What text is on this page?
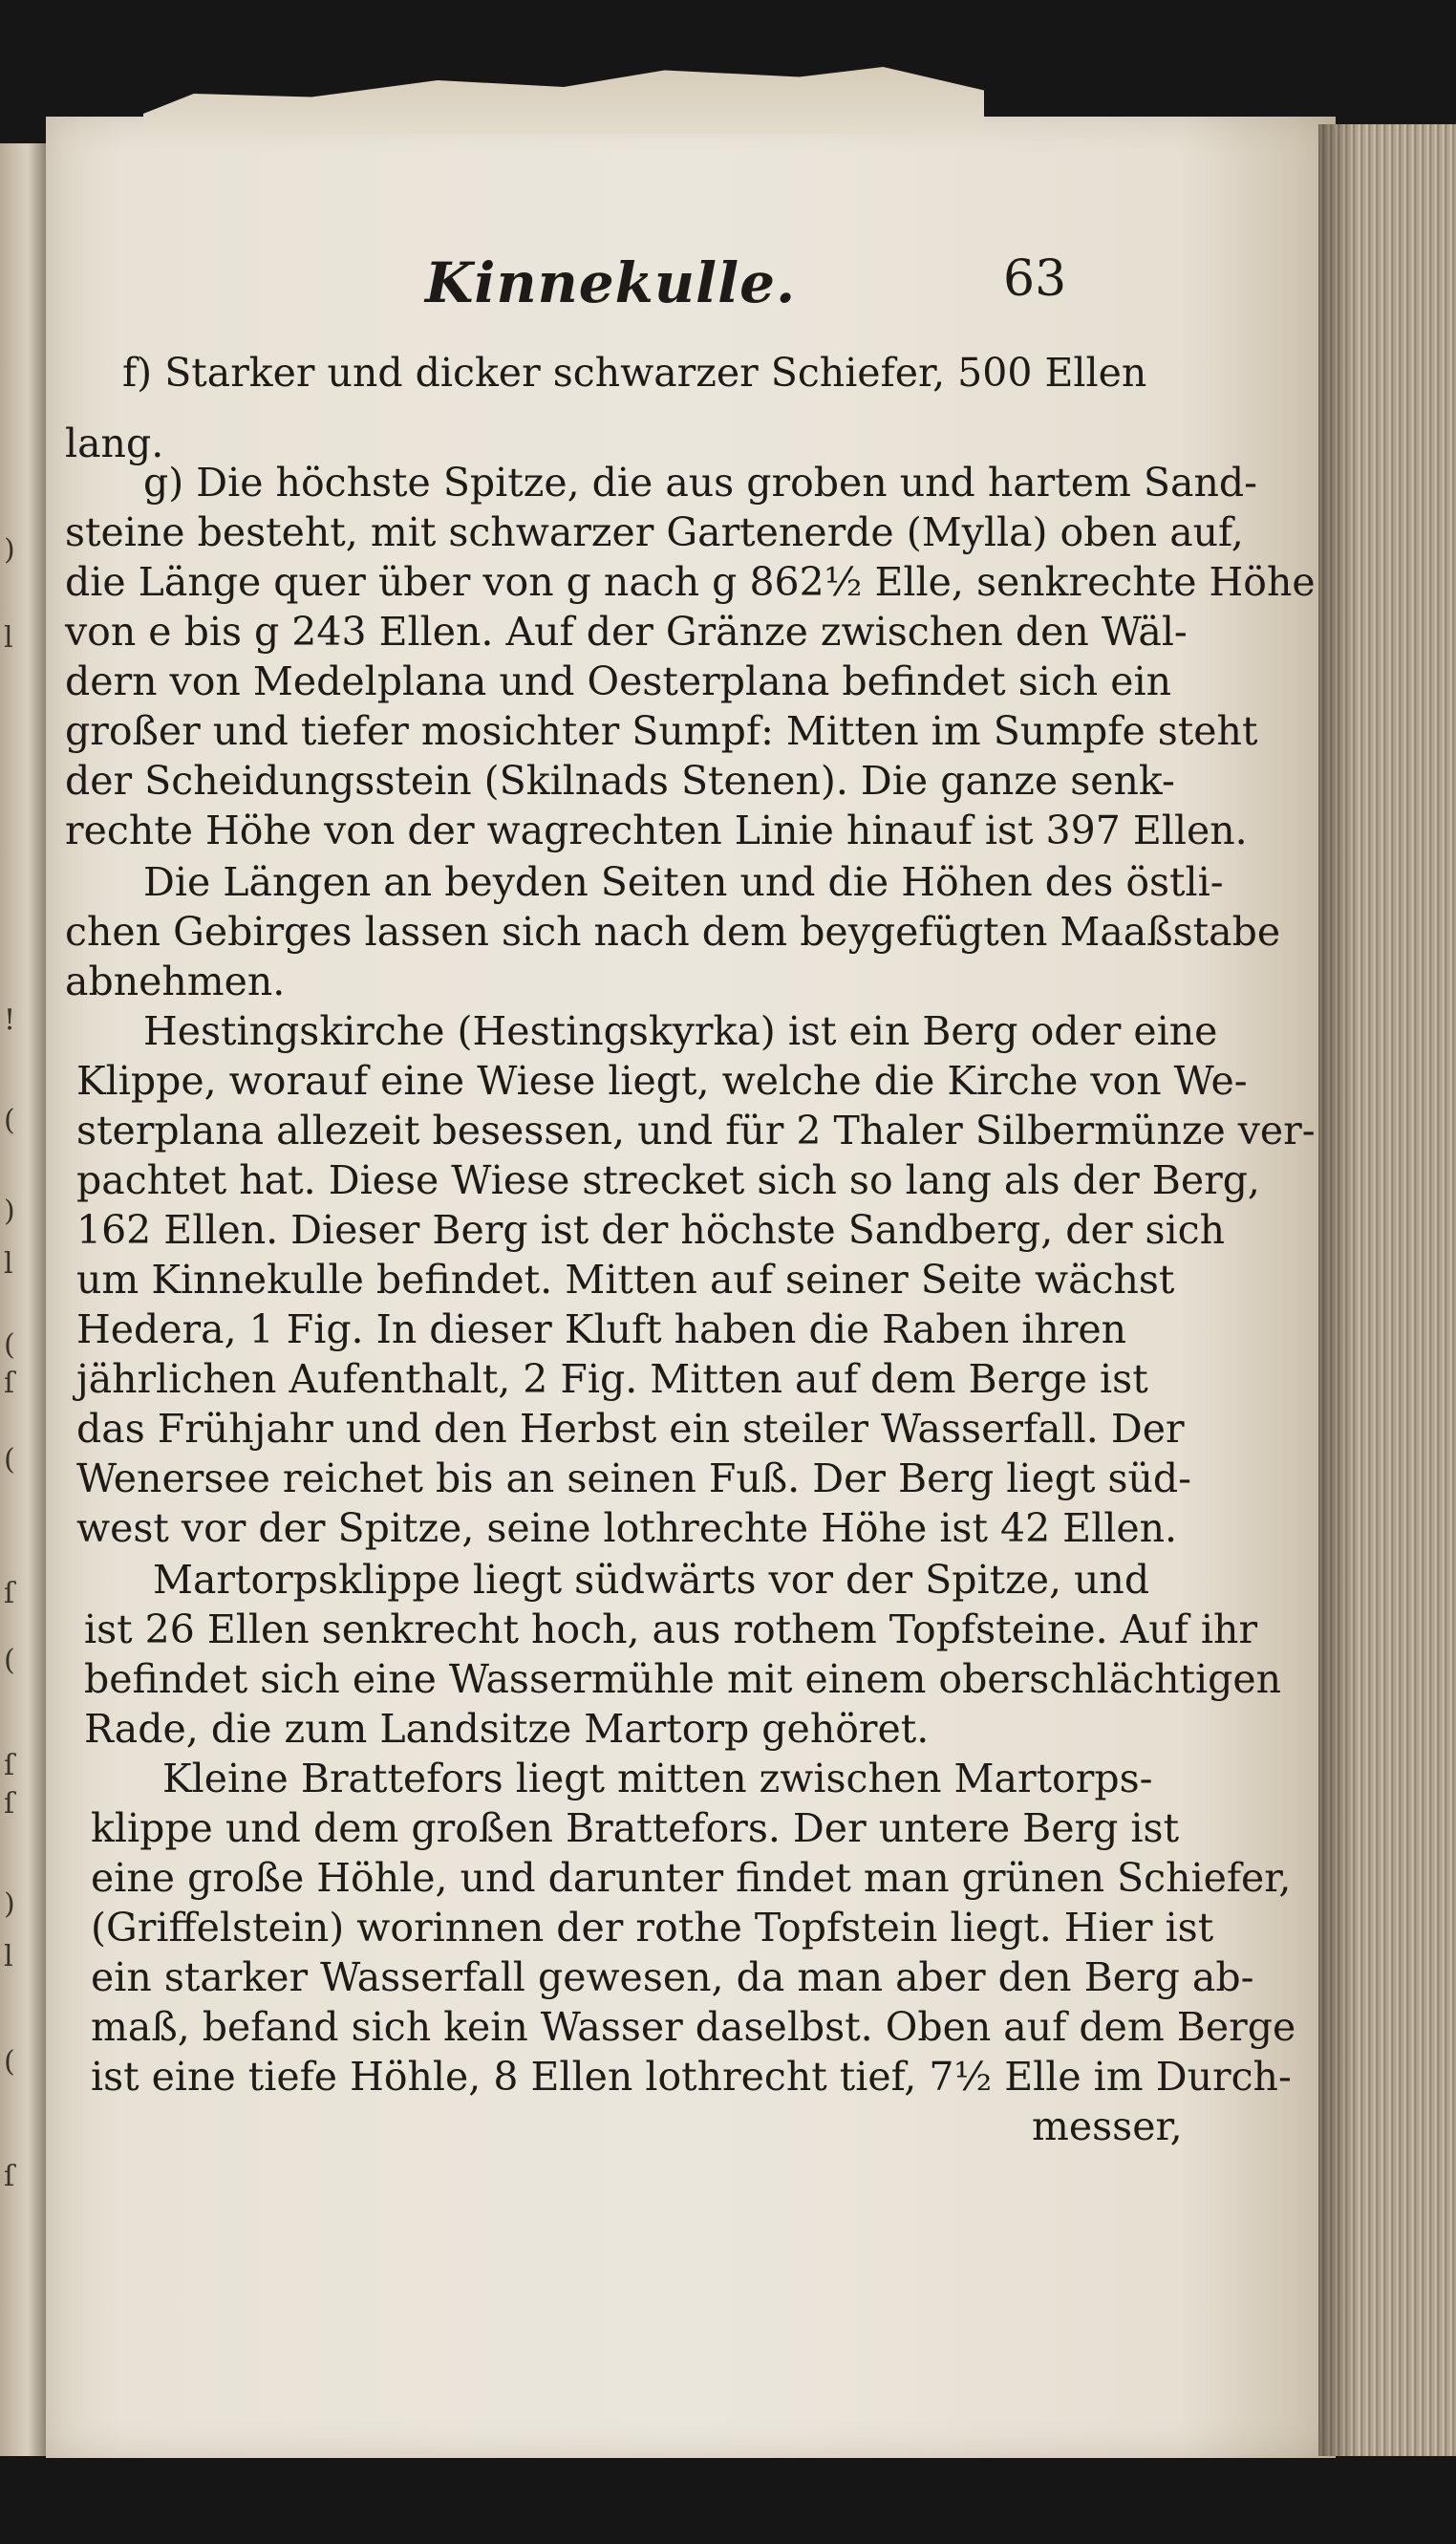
)
l
!
(
)
l
(
ſ
(
ſ
(
ſ
ſ
)
l
(
ſ
Kinnekulle.	63
f) Starker und dicker schwarzer Schiefer, 500 Ellen
lang.
g) Die höchste Spitze, die aus groben und hartem Sand-
steine besteht, mit schwarzer Gartenerde (Mylla) oben auf,
die Länge quer über von g nach g 862½ Elle, senkrechte Höhe
von e bis g 243 Ellen. Auf der Gränze zwischen den Wäl-
dern von Medelplana und Oesterplana befindet sich ein
großer und tiefer mosichter Sumpf: Mitten im Sumpfe steht
der Scheidungsstein (Skilnads Stenen). Die ganze senk-
rechte Höhe von der wagrechten Linie hinauf ist 397 Ellen.
Die Längen an beyden Seiten und die Höhen des östli-
chen Gebirges lassen sich nach dem beygefügten Maaßstabe
abnehmen.
Hestingskirche (Hestingskyrka) ist ein Berg oder eine
Klippe, worauf eine Wiese liegt, welche die Kirche von We-
sterplana allezeit besessen, und für 2 Thaler Silbermünze ver-
pachtet hat. Diese Wiese strecket sich so lang als der Berg,
162 Ellen. Dieser Berg ist der höchste Sandberg, der sich
um Kinnekulle befindet. Mitten auf seiner Seite wächst
Hedera, 1 Fig. In dieser Kluft haben die Raben ihren
jährlichen Aufenthalt, 2 Fig. Mitten auf dem Berge ist
das Frühjahr und den Herbst ein steiler Wasserfall. Der
Wenersee reichet bis an seinen Fuß. Der Berg liegt süd-
west vor der Spitze, seine lothrechte Höhe ist 42 Ellen.
Martorpsklippe liegt südwärts vor der Spitze, und
ist 26 Ellen senkrecht hoch, aus rothem Topfsteine. Auf ihr
befindet sich eine Wassermühle mit einem oberschlächtigen
Rade, die zum Landsitze Martorp gehöret.
Kleine Brattefors liegt mitten zwischen Martorps-
klippe und dem großen Brattefors. Der untere Berg ist
eine große Höhle, und darunter findet man grünen Schiefer,
(Griffelstein) worinnen der rothe Topfstein liegt. Hier ist
ein starker Wasserfall gewesen, da man aber den Berg ab-
maß, befand sich kein Wasser daselbst. Oben auf dem Berge
ist eine tiefe Höhle, 8 Ellen lothrecht tief, 7½ Elle im Durch-
messer,
